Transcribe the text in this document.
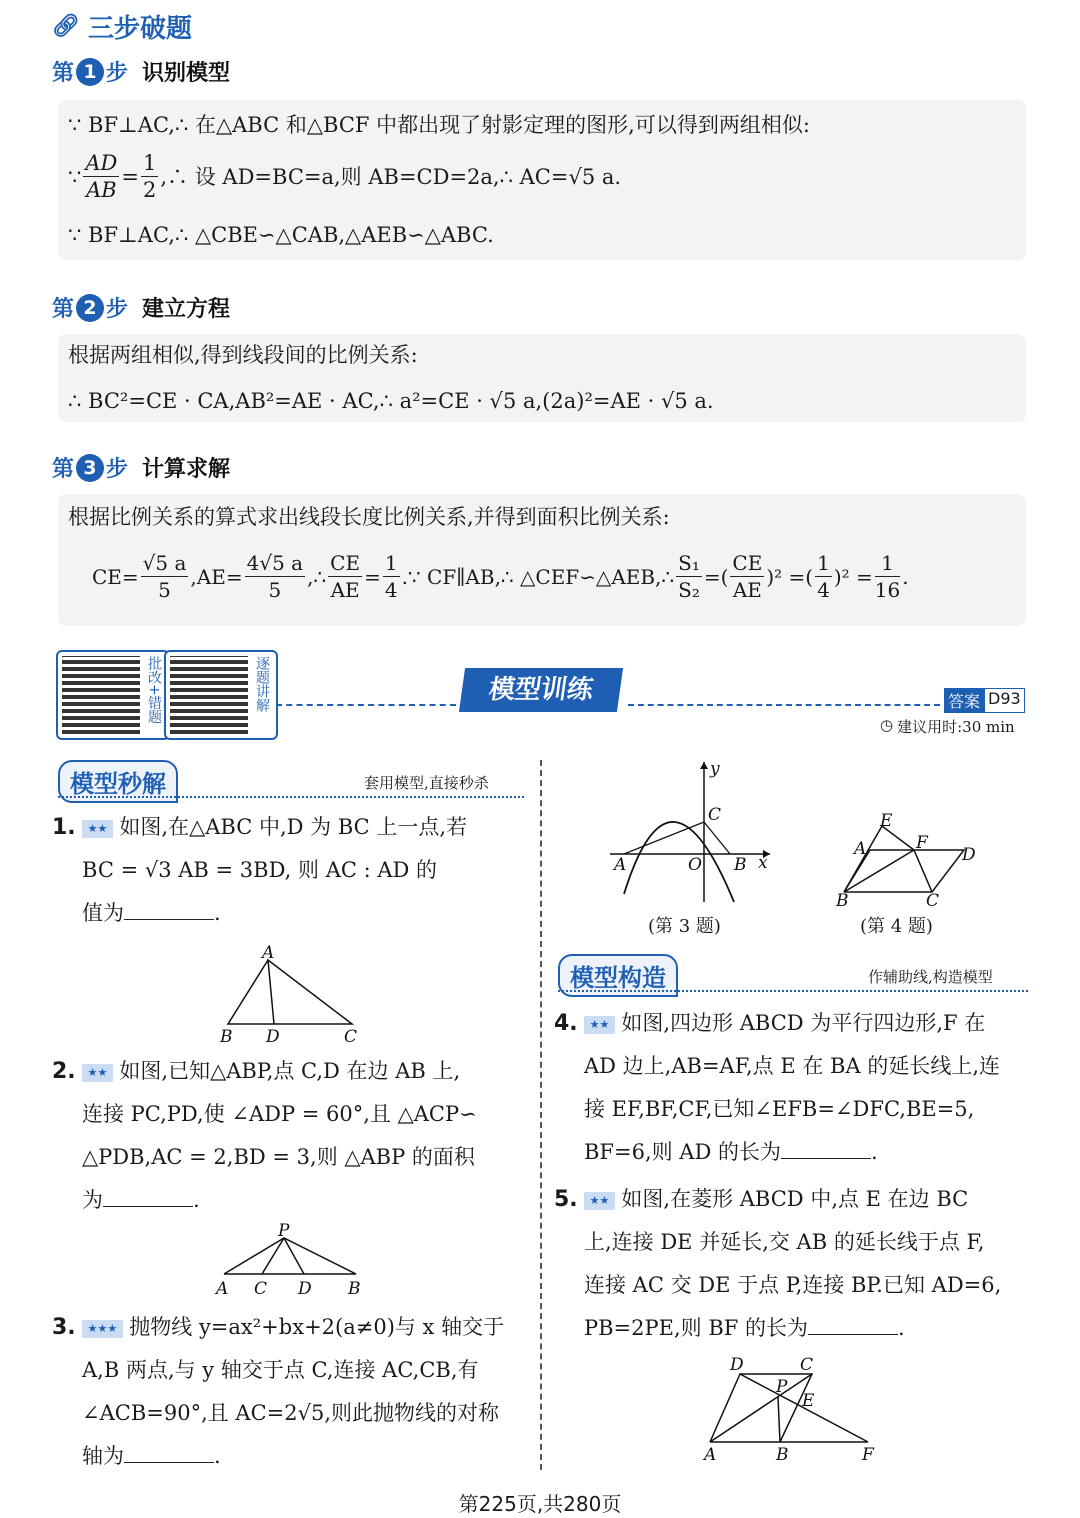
🔗︎ 三步破题
第 1 步 识别模型
∵ BF⊥AC,∴ 在△ABC 和△BCF 中都出现了射影定理的图形,可以得到两组相似:
∵ $\frac{AD}{AB} = \frac{1}{2}$ ,∴ 设 AD=BC=a,则 AB=CD=2a,∴ AC=√5 a.
∵ BF⊥AC,∴ △CBE∽△CAB,△AEB∽△ABC.
第 2 步 建立方程
根据两组相似,得到线段间的比例关系:
∴ BC²=CE · CA,AB²=AE · AC,∴ a²=CE · √5 a,(2a)²=AE · √5 a.
第 3 步 计算求解
根据比例关系的算式求出线段长度比例关系,并得到面积比例关系:
$CE= \frac{√5 a}{5} ,AE= \frac{4√5 a}{5}$ ,∴ $\frac{CE}{AE} = \frac{1}{4}$ .∵ CF∥AB,∴ △CEF∽△AEB,∴ $\frac{\text{S₁}}{\text{S₂}}$ =( $\frac{CE}{AE} )^2$ =( $\frac{1}{4} )^2 = \frac{1}{16}$ .
批改+错题	逐题讲解	模型训练	答案 D93
◷ 建议用时:30 min
模型秒解	套用模型,直接秒杀
1. ★★ 如图,在△ABC 中,D 为 BC 上一点,若
BC = √3 AB = 3BD, 则 AC : AD 的
值为	.
A
B D	C
2. ★★ 如图,已知△ABP,点 C,D 在边 AB 上,
连接 PC,PD,使 ∠ADP = 60°,且 △ACP∽
△PDB,AC = 2,BD = 3,则 △ABP 的面积
为	.
P
A C D B
3. ★★★ 抛物线 y=ax²+bx+2(a≠0)与 x 轴交于
A,B 两点,与 y 轴交于点 C,连接 AC,CB,有
∠ACB=90°,且 AC=2√5,则此抛物线的对称
轴为	.
y
C
A	O B x
(第 3 题)
E
F
A	D
B	C
(第 4 题)
模型构造	作辅助线,构造模型
4. ★★ 如图,四边形 ABCD 为平行四边形,F 在
AD 边上,AB=AF,点 E 在 BA 的延长线上,连
接 EF,BF,CF,已知∠EFB=∠DFC,BE=5,
BF=6,则 AD 的长为	.
5. ★★ 如图,在菱形 ABCD 中,点 E 在边 BC
上,连接 DE 并延长,交 AB 的延长线于点 F,
连接 AC 交 DE 于点 P,连接 BP.已知 AD=6,
PB=2PE,则 BF 的长为	.
D	C
P
E
A	B	F
第225页,共280页
